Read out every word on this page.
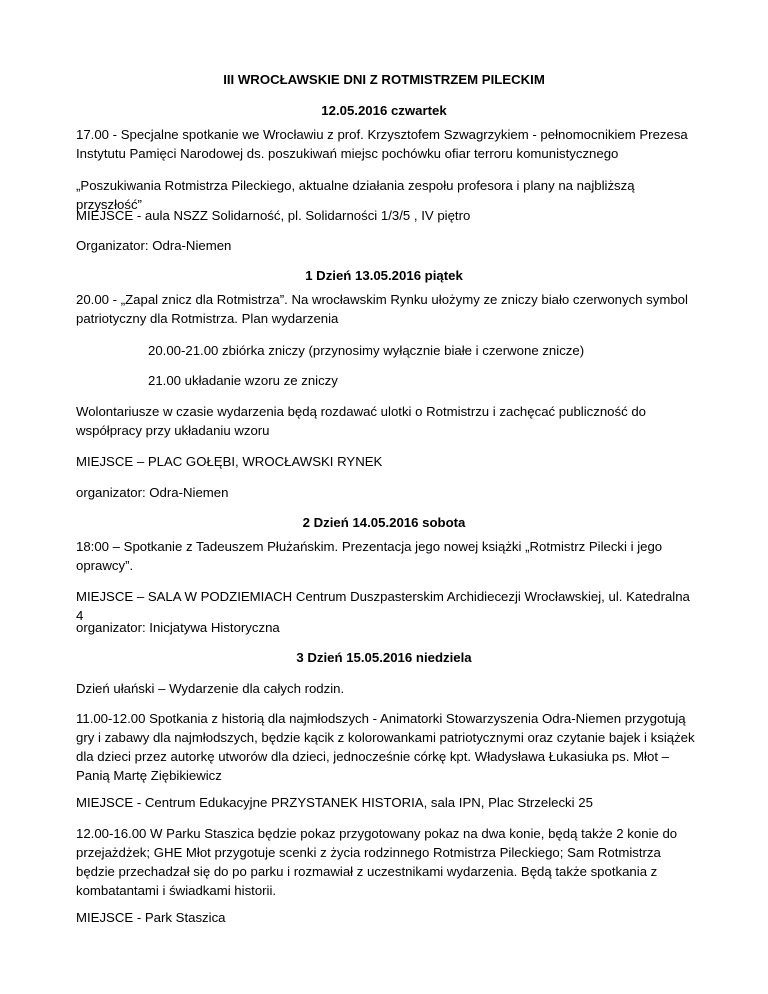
III WROCŁAWSKIE DNI Z ROTMISTRZEM PILECKIM

12.05.2016 czwartek

17.00 - Specjalne spotkanie we Wrocławiu z prof. Krzysztofem Szwagrzykiem - pełnomocnikiem Prezesa Instytutu Pamięci Narodowej ds. poszukiwań miejsc pochówku ofiar terroru komunistycznego

„Poszukiwania Rotmistrza Pileckiego, aktualne działania zespołu profesora i plany na najbliższą przyszłość”

MIEJSCE - aula NSZZ Solidarność, pl. Solidarności 1/3/5 , IV piętro

Organizator: Odra-Niemen

1 Dzień 13.05.2016 piątek

20.00 - „Zapal znicz dla Rotmistrza”. Na wrocławskim Rynku ułożymy ze zniczy biało czerwonych symbol patriotyczny dla Rotmistrza. Plan wydarzenia

20.00-21.00 zbiórka zniczy (przynosimy wyłącznie białe i czerwone znicze)

21.00 układanie wzoru ze zniczy

Wolontariusze w czasie wydarzenia będą rozdawać ulotki o Rotmistrzu i zachęcać publiczność do współpracy przy układaniu wzoru

MIEJSCE – PLAC GOŁĘBI, WROCŁAWSKI RYNEK

organizator: Odra-Niemen

2 Dzień 14.05.2016 sobota

18:00 – Spotkanie z Tadeuszem Płużańskim. Prezentacja jego nowej książki „Rotmistrz Pilecki i jego oprawcy”.

MIEJSCE – SALA W PODZIEMIACH Centrum Duszpasterskim Archidiecezji Wrocławskiej, ul. Katedralna 4

organizator: Inicjatywa Historyczna

3 Dzień 15.05.2016 niedziela

Dzień ułański – Wydarzenie dla całych rodzin.

11.00-12.00 Spotkania z historią dla najmłodszych - Animatorki Stowarzyszenia Odra-Niemen przygotują gry i zabawy dla najmłodszych, będzie kącik z kolorowankami patriotycznymi oraz czytanie bajek i książek dla dzieci przez autorkę utworów dla dzieci, jednocześnie córkę kpt. Władysława Łukasiuka ps. Młot – Panią Martę Ziębikiewicz

MIEJSCE - Centrum Edukacyjne PRZYSTANEK HISTORIA, sala IPN, Plac Strzelecki 25

12.00-16.00 W Parku Staszica będzie pokaz przygotowany pokaz na dwa konie, będą także 2 konie do przejażdżek; GHE Młot przygotuje scenki z życia rodzinnego Rotmistrza Pileckiego; Sam Rotmistrza będzie przechadzał się do po parku i rozmawiał z uczestnikami wydarzenia. Będą także spotkania z kombatantami i świadkami historii.

MIEJSCE - Park Staszica
